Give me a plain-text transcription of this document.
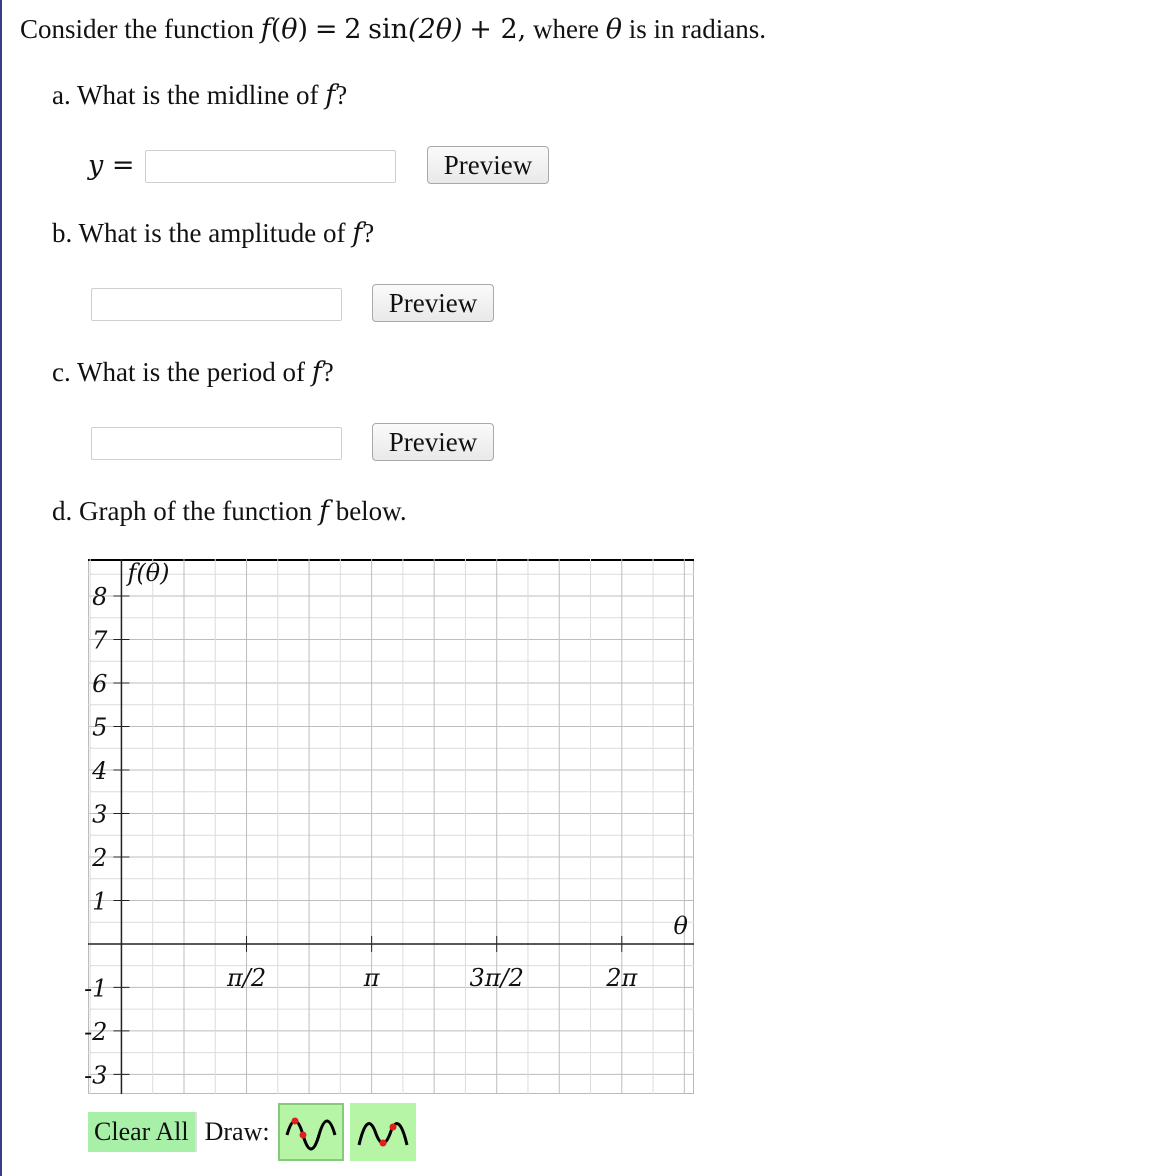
Consider the function f(θ) = 2 sin(2θ) + 2, where θ is in radians.
a. What is the midline of f?
y =	Preview
b. What is the amplitude of f?
Preview
c. What is the period of f?
Preview
d. Graph of the function f below.
8
7
6
5
4
3
2
1
-1
-2
-3
π/2	π	3π/2	2π
f(θ)
θ
Clear All Draw:
